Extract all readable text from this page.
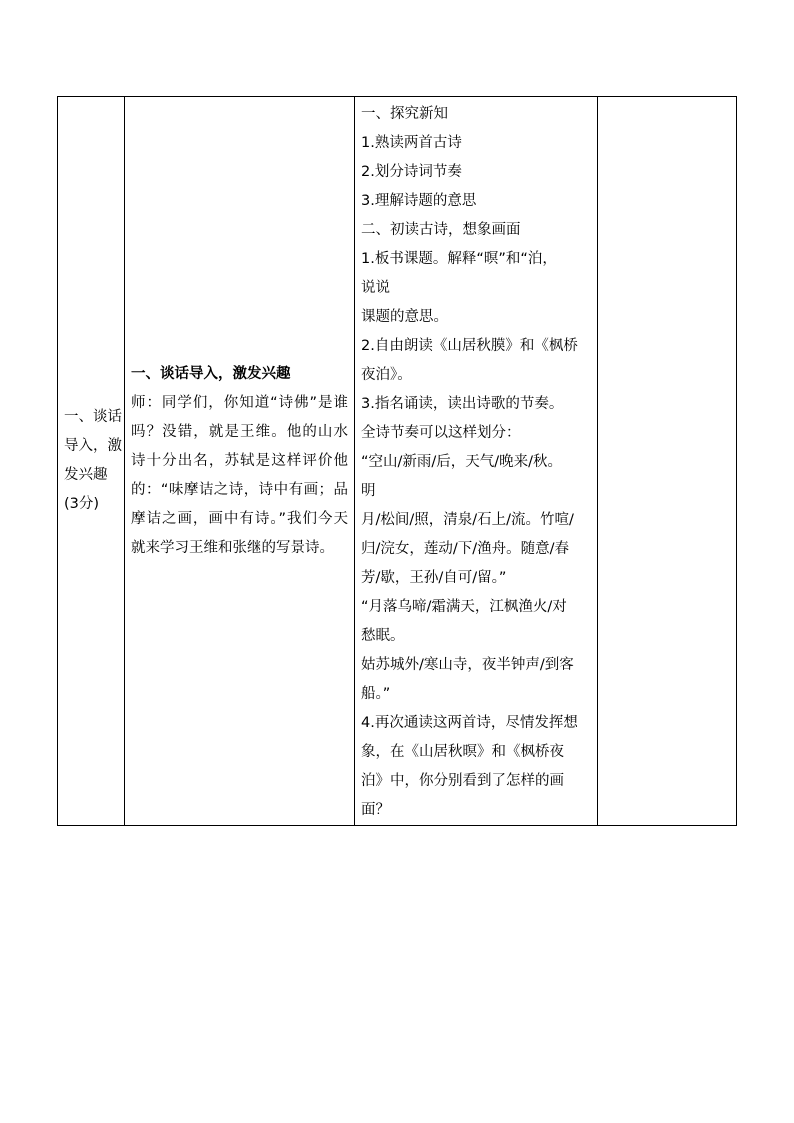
一、谈话导入，激发兴趣(3分)

一、谈话导入，激发兴趣
师：同学们，你知道“诗佛”是谁吗？没错，就是王维。他的山水诗十分出名，苏轼是这样评价他的：“味摩诘之诗，诗中有画；品摩诘之画，画中有诗。”我们今天就来学习王维和张继的写景诗。

一、探究新知
1.熟读两首古诗
2.划分诗词节奏
3.理解诗题的意思
二、初读古诗，想象画面
1.板书课题。解释“暝”和“泊，
说说
课题的意思。
2.自由朗读《山居秋膜》和《枫桥
夜泊》。
3.指名诵读，读出诗歌的节奏。
全诗节奏可以这样划分：
“空山/新雨/后，天气/晚来/秋。
明
月/松间/照，清泉/石上/流。竹喧/
归/浣女，莲动/下/渔舟。随意/春
芳/歇，王孙/自可/留。”
“月落乌啼/霜满天，江枫渔火/对
愁眠。
姑苏城外/寒山寺，夜半钟声/到客
船。”
4.再次通读这两首诗，尽情发挥想
象，在《山居秋暝》和《枫桥夜
泊》中，你分别看到了怎样的画
面？
